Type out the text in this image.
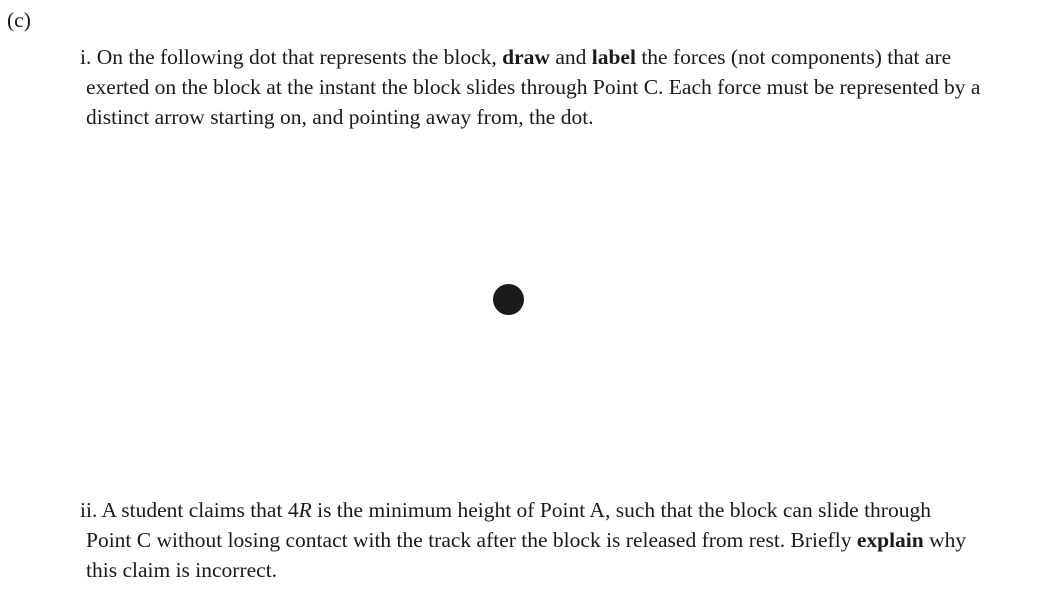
(c)
i. On the following dot that represents the block, draw and label the forces (not components) that are
exerted on the block at the instant the block slides through Point C. Each force must be represented by a
distinct arrow starting on, and pointing away from, the dot.
ii. A student claims that 4R is the minimum height of Point A, such that the block can slide through
Point C without losing contact with the track after the block is released from rest. Briefly explain why
this claim is incorrect.
